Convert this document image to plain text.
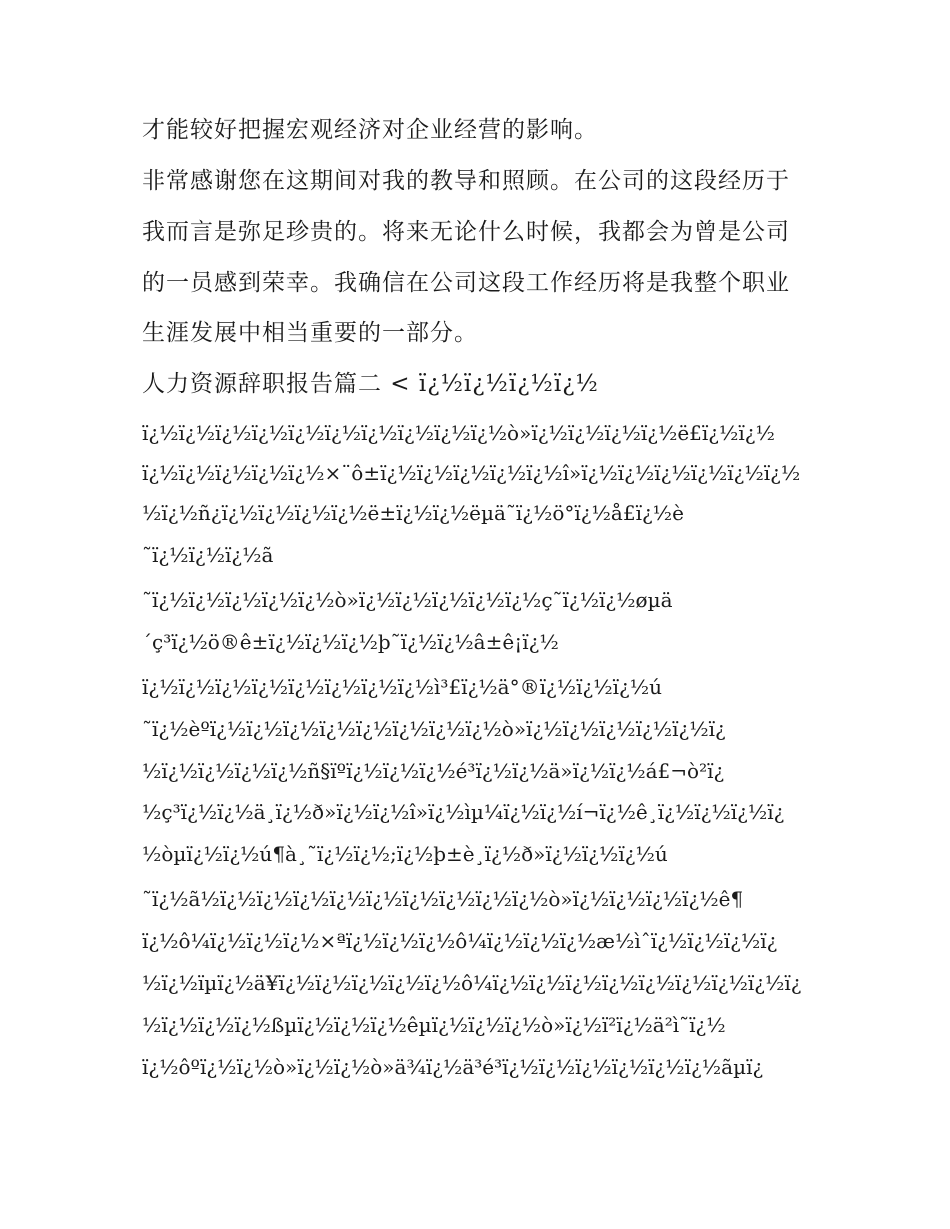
才能较好把握宏观经济对企业经营的影响。
非常感谢您在这期间对我的教导和照顾。在公司的这段经历于
我而言是弥足珍贵的。将来无论什么时候，我都会为曾是公司
的一员感到荣幸。我确信在公司这段工作经历将是我整个职业
生涯发展中相当重要的一部分。
人力资源辞职报告篇二 < ï¿½ï¿½ï¿½ï¿½
ï¿½ï¿½ï¿½ï¿½ï¿½ï¿½ï¿½ï¿½ï¿½ï¿½ò»ï¿½ï¿½ï¿½ï¿½ë£ï¿½ï¿½
ï¿½ï¿½ï¿½ï¿½ï¿½×¨ô±ï¿½ï¿½ï¿½ï¿½ï¿½î»ï¿½ï¿½ï¿½ï¿½ï¿½ï¿½
½ï¿½ñ¿ï¿½ï¿½ï¿½ï¿½ë±ï¿½ï¿½ëµä˜ï¿½ö°ï¿½å£ï¿½è
˜ï¿½ï¿½ï¿½ã
˜ï¿½ï¿½ï¿½ï¿½ï¿½ò»ï¿½ï¿½ï¿½ï¿½ï¿½ç˜ï¿½ï¿½øµä
´ç³ï¿½ö®ê±ï¿½ï¿½ï¿½þ˜ï¿½ï¿½â±ê¡ï¿½
ï¿½ï¿½ï¿½ï¿½ï¿½ï¿½ï¿½ï¿½ì³£ï¿½ä°®ï¿½ï¿½ï¿½ú
˜ï¿½èºï¿½ï¿½ï¿½ï¿½ï¿½ï¿½ï¿½ï¿½ò»ï¿½ï¿½ï¿½ï¿½ï¿½ï¿
½ï¿½ï¿½ï¿½ï¿½ñ§ïºï¿½ï¿½ï¿½é³ï¿½ï¿½ä»ï¿½ï¿½á£¬ò²ï¿
½ç³ï¿½ï¿½ä¸ï¿½ð»ï¿½ï¿½î»ï¿½ìµ¼ï¿½ï¿½í¬ï¿½ê¸ï¿½ï¿½ï¿½ï¿
½òµï¿½ï¿½ú¶à¸˜ï¿½ï¿½;ï¿½þ±è¸ï¿½ð»ï¿½ï¿½ï¿½ú
˜ï¿½ã½ï¿½ï¿½ï¿½ï¿½ï¿½ï¿½ï¿½ï¿½ï¿½ò»ï¿½ï¿½ï¿½ï¿½ê¶
ï¿½ô¼ï¿½ï¿½ï¿½×ªï¿½ï¿½ï¿½ô¼ï¿½ï¿½ï¿½æ½ìˆï¿½ï¿½ï¿½ï¿
½ï¿½ïµï¿½ä¥ï¿½ï¿½ï¿½ï¿½ï¿½ô¼ï¿½ï¿½ï¿½ï¿½ï¿½ï¿½ï¿½ï¿½ï¿
½ï¿½ï¿½ï¿½ßµï¿½ï¿½ï¿½êµï¿½ï¿½ï¿½ò»ï¿½ï²ï¿½ä²ì˜ï¿½
ï¿½ôºï¿½ï¿½ò»ï¿½ï¿½ò»ä¾ï¿½ä³é³ï¿½ï¿½ï¿½ï¿½ï¿½ï¿½ãµï¿
